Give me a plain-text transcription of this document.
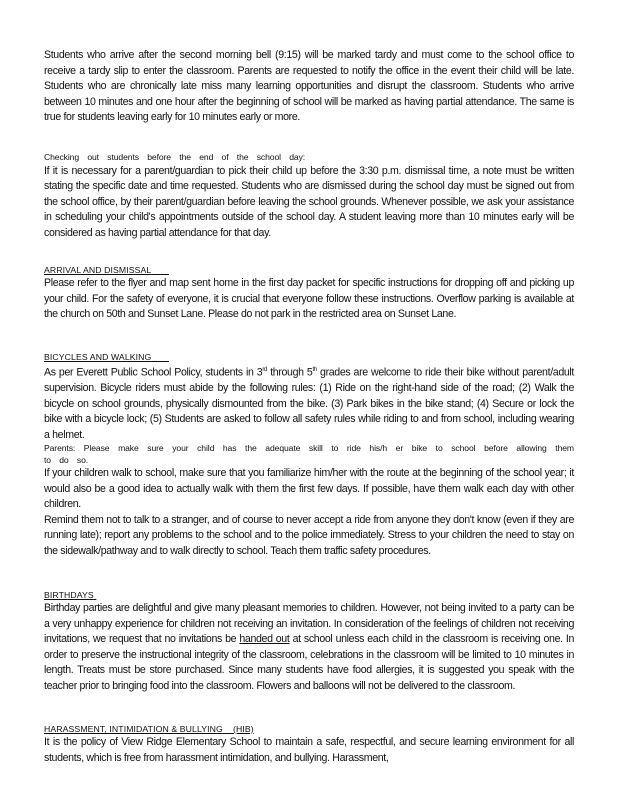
Students who arrive after the second morning bell (9:15) will be marked tardy and must come to the school office to receive a tardy slip to enter the classroom. Parents are requested to notify the office in the event their child will be late. Students who are chronically late miss many learning opportunities and disrupt the classroom. Students who arrive between 10 minutes and one hour after the beginning of school will be marked as having partial attendance. The same is true for students leaving early for 10 minutes early or more.

Checking out students before the end of the school day:

If it is necessary for a parent/guardian to pick their child up before the 3:30 p.m. dismissal time, a note must be written stating the specific date and time requested. Students who are dismissed during the school day must be signed out from the school office, by their parent/guardian before leaving the school grounds. Whenever possible, we ask your assistance in scheduling your child's appointments outside of the school day. A student leaving more than 10 minutes early will be considered as having partial attendance for that day.

ARRIVAL AND DISMISSAL

Please refer to the flyer and map sent home in the first day packet for specific instructions for dropping off and picking up your child. For the safety of everyone, it is crucial that everyone follow these instructions. Overflow parking is available at the church on 50th and Sunset Lane. Please do not park in the restricted area on Sunset Lane.

BICYCLES AND WALKING

As per Everett Public School Policy, students in 3rd through 5th grades are welcome to ride their bike without parent/adult supervision. Bicycle riders must abide by the following rules: (1) Ride on the right-hand side of the road; (2) Walk the bicycle on school grounds, physically dismounted from the bike. (3) Park bikes in the bike stand; (4) Secure or lock the bike with a bicycle lock; (5) Students are asked to follow all safety rules while riding to and from school, including wearing a helmet.

Parents: Please make sure your child has the adequate skill to ride his/h er bike to school before allowing them to do so.

If your children walk to school, make sure that you familiarize him/her with the route at the beginning of the school year; it would also be a good idea to actually walk with them the first few days. If possible, have them walk each day with other children.

Remind them not to talk to a stranger, and of course to never accept a ride from anyone they don't know (even if they are running late); report any problems to the school and to the police immediately. Stress to your children the need to stay on the sidewalk/pathway and to walk directly to school. Teach them traffic safety procedures.

BIRTHDAYS

Birthday parties are delightful and give many pleasant memories to children. However, not being invited to a party can be a very unhappy experience for children not receiving an invitation. In consideration of the feelings of children not receiving invitations, we request that no invitations be handed out at school unless each child in the classroom is receiving one. In order to preserve the instructional integrity of the classroom, celebrations in the classroom will be limited to 10 minutes in length. Treats must be store purchased. Since many students have food allergies, it is suggested you speak with the teacher prior to bringing food into the classroom. Flowers and balloons will not be delivered to the classroom.

HARASSMENT, INTIMIDATION & BULLYING    (HIB)

It is the policy of View Ridge Elementary School to maintain a safe, respectful, and secure learning environment for all students, which is free from harassment intimidation, and bullying. Harassment,
